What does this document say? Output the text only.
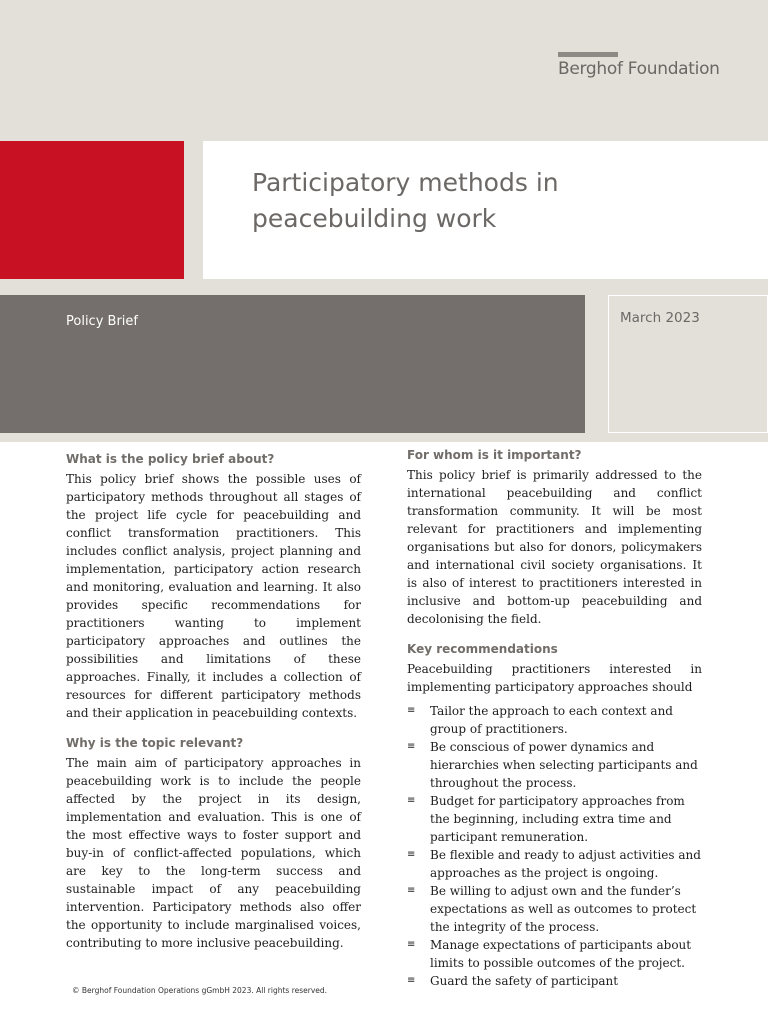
Berghof Foundation
Participatory methods in peacebuilding work
Policy Brief	March 2023
What is the policy brief about?

This policy brief shows the possible uses of participatory methods throughout all stages of the project life cycle for peacebuilding and conflict transformation practitioners. This includes conflict analysis, project planning and implementation, participatory action research and monitoring, evaluation and learning. It also provides specific recommendations for practitioners wanting to implement participatory approaches and outlines the possibilities and limitations of these approaches. Finally, it includes a collection of resources for different participatory methods and their application in peacebuilding contexts.

Why is the topic relevant?

The main aim of participatory approaches in peacebuilding work is to include the people affected by the project in its design, implementation and evaluation. This is one of the most effective ways to foster support and buy-in of conflict-affected populations, which are key to the long-term success and sustainable impact of any peacebuilding intervention. Participatory methods also offer the opportunity to include marginalised voices, contributing to more inclusive peacebuilding.

For whom is it important?

This policy brief is primarily addressed to the international peacebuilding and conflict transformation community. It will be most relevant for practitioners and implementing organisations but also for donors, policymakers and international civil society organisations. It is also of interest to practitioners interested in inclusive and bottom-up peacebuilding and decolonising the field.

Key recommendations

Peacebuilding practitioners interested in implementing participatory approaches should

≡ Tailor the approach to each context and group of practitioners.
≡ Be conscious of power dynamics and hierarchies when selecting participants and throughout the process.
≡ Budget for participatory approaches from the beginning, including extra time and participant remuneration.
≡ Be flexible and ready to adjust activities and approaches as the project is ongoing.
≡ Be willing to adjust own and the funder’s expectations as well as outcomes to protect the integrity of the process.
≡ Manage expectations of participants about limits to possible outcomes of the project.
≡ Guard the safety of participant
© Berghof Foundation Operations gGmbH 2023. All rights reserved.
